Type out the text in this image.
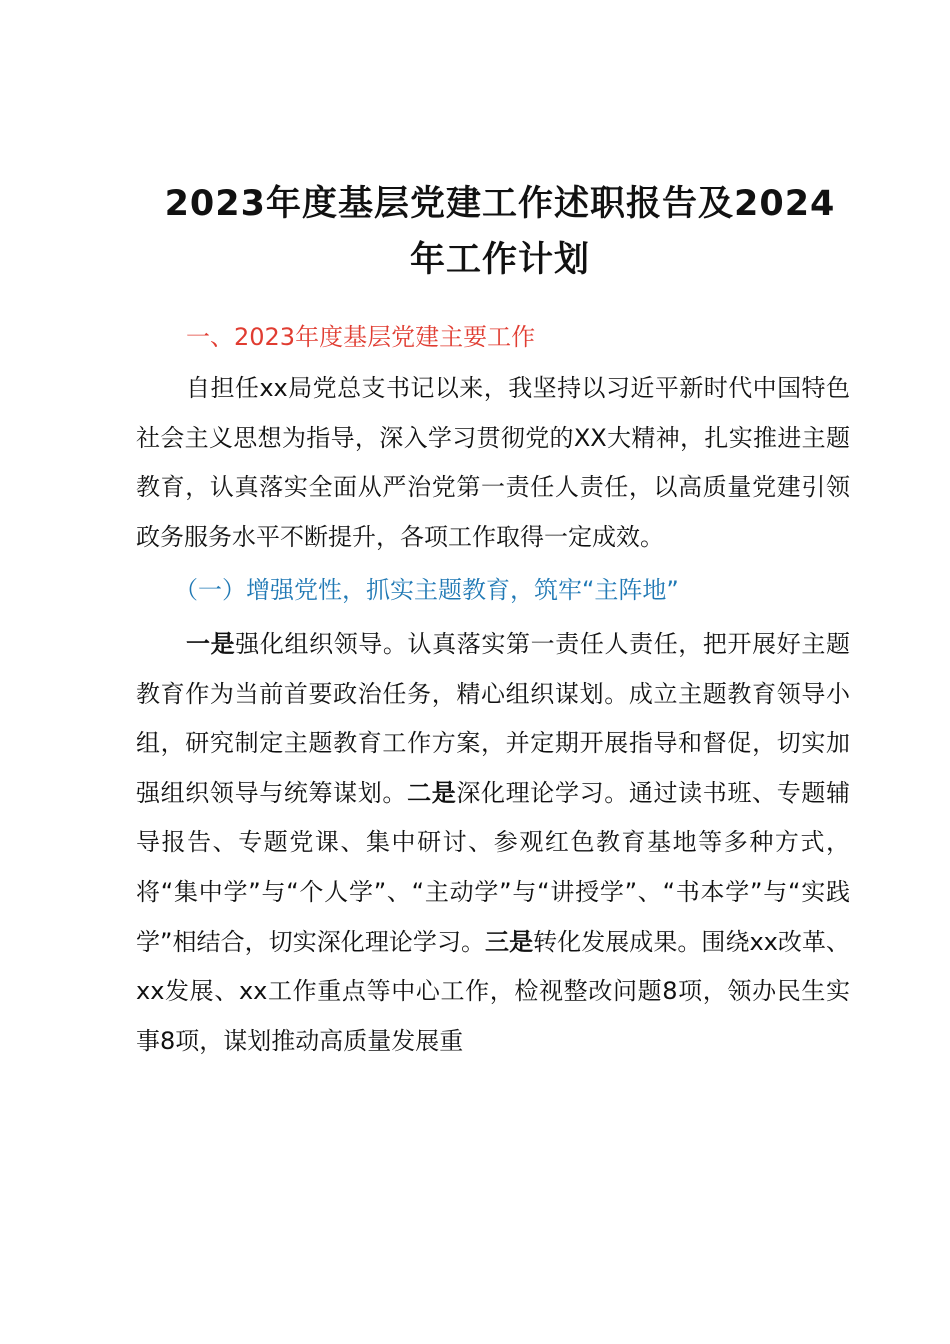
2023年度基层党建工作述职报告及2024
年工作计划

一、2023年度基层党建主要工作

自担任xx局党总支书记以来，我坚持以习近平新时代中国特色社会主义思想为指导，深入学习贯彻党的XX大精神，扎实推进主题教育，认真落实全面从严治党第一责任人责任，以高质量党建引领政务服务水平不断提升，各项工作取得一定成效。

（一）增强党性，抓实主题教育，筑牢“主阵地”

一是强化组织领导。认真落实第一责任人责任，把开展好主题教育作为当前首要政治任务，精心组织谋划。成立主题教育领导小组，研究制定主题教育工作方案，并定期开展指导和督促，切实加强组织领导与统筹谋划。二是深化理论学习。通过读书班、专题辅导报告、专题党课、集中研讨、参观红色教育基地等多种方式，将“集中学”与“个人学”、“主动学”与“讲授学”、“书本学”与“实践学”相结合，切实深化理论学习。三是转化发展成果。围绕xx改革、xx发展、xx工作重点等中心工作，检视整改问题8项，领办民生实事8项，谋划推动高质量发展重
